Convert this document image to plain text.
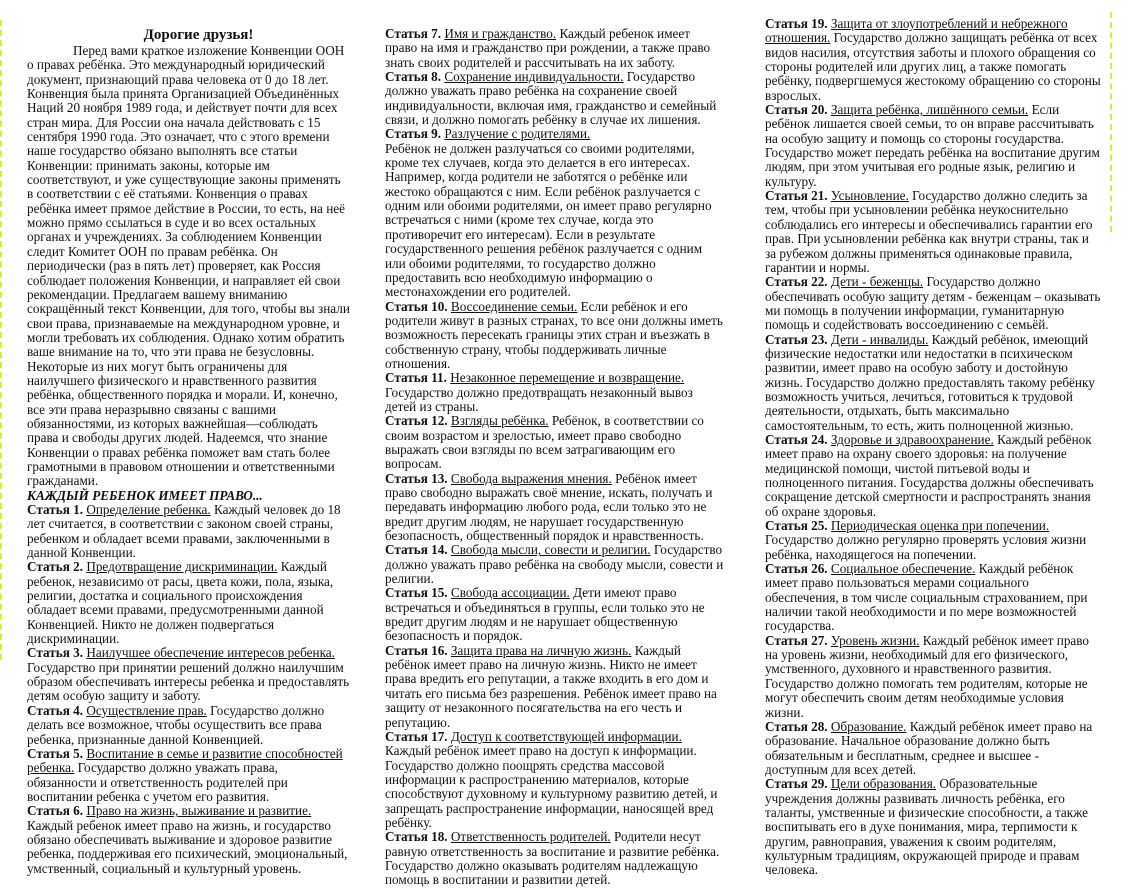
Дорогие друзья!

Перед вами краткое изложение Конвенции ООН о правах ребёнка. Это международный юридический документ, признающий права человека от 0 до 18 лет. Конвенция была принята Организацией Объединённых Наций 20 ноября 1989 года, и действует почти для всех стран мира. Для России она начала действовать с 15 сентября 1990 года. Это означает, что с этого времени наше государство обязано выполнять все статьи Конвенции: принимать законы, которые им соответствуют, и уже существующие законы применять в соответствии с её статьями. Конвенция о правах ребёнка имеет прямое действие в России, то есть, на неё можно прямо ссылаться в суде и во всех остальных органах и учреждениях. За соблюдением Конвенции следит Комитет ООН по правам ребёнка. Он периодически (раз в пять лет) проверяет, как Россия соблюдает положения Конвенции, и направляет ей свои рекомендации. Предлагаем вашему вниманию сокращённый текст Конвенции, для того, чтобы вы знали свои права, признаваемые на международном уровне, и могли требовать их соблюдения. Однако хотим обратить ваше внимание на то, что эти права не безусловны. Некоторые из них могут быть ограничены для наилучшего физического и нравственного развития ребёнка, общественного порядка и морали. И, конечно, все эти права неразрывно связаны с вашими обязанностями, из которых важнейшая—соблюдать права и свободы других людей. Надеемся, что знание Конвенции о правах ребёнка поможет вам стать более грамотными в правовом отношении и ответственными гражданами.

КАЖДЫЙ РЕБЕНОК ИМЕЕТ ПРАВО...

Статья 1. Определение ребенка. Каждый человек до 18 лет считается, в соответствии с законом своей страны, ребенком и обладает всеми правами, заключенными в данной Конвенции.

Статья 2. Предотвращение дискриминации. Каждый ребенок, независимо от расы, цвета кожи, пола, языка, религии, достатка и социального происхождения обладает всеми правами, предусмотренными данной Конвенцией. Никто не должен подвергаться дискриминации.

Статья 3. Наилучшее обеспечение интересов ребенка. Государство при принятии решений должно наилучшим образом обеспечивать интересы ребенка и предоставлять детям особую защиту и заботу.

Статья 4. Осуществление прав. Государство должно делать все возможное, чтобы осуществить все права ребенка, признанные данной Конвенцией.

Статья 5. Воспитание в семье и развитие способностей ребенка. Государство должно уважать права, обязанности и ответственность родителей при воспитании ребенка с учетом его развития.

Статья 6. Право на жизнь, выживание и развитие. Каждый ребенок имеет право на жизнь, и государство обязано обеспечивать выживание и здоровое развитие ребенка, поддерживая его психический, эмоциональный, умственный, социальный и культурный уровень.

Статья 7. Имя и гражданство. Каждый ребенок имеет право на имя и гражданство при рождении, а также право знать своих родителей и рассчитывать на их заботу.

Статья 8. Сохранение индивидуальности. Государство должно уважать право ребёнка на сохранение своей индивидуальности, включая имя, гражданство и семейный связи, и должно помогать ребёнку в случае их лишения.

Статья 9. Разлучение с родителями.
Ребёнок не должен разлучаться со своими родителями, кроме тех случаев, когда это делается в его интересах. Например, когда родители не заботятся о ребёнке или жестоко обращаются с ним. Если ребёнок разлучается с одним или обоими родителями, он имеет право регулярно встречаться с ними (кроме тех случае, когда это противоречит его интересам). Если в результате государственного решения ребёнок разлучается с одним или обоими родителями, то государство должно предоставить всю необходимую информацию о местонахождении его родителей.

Статья 10. Воссоединение семьи. Если ребёнок и его родители живут в разных странах, то все они должны иметь возможность пересекать границы этих стран и въезжать в собственную страну, чтобы поддерживать личные отношения.

Статья 11. Незаконное перемещение и возвращение. Государство должно предотвращать незаконный вывоз детей из страны.

Статья 12. Взгляды ребёнка. Ребёнок, в соответствии со своим возрастом и зрелостью, имеет право свободно выражать свои взгляды по всем затрагивающим его вопросам.

Статья 13. Свобода выражения мнения. Ребёнок имеет право свободно выражать своё мнение, искать, получать и передавать информацию любого рода, если только это не вредит другим людям, не нарушает государственную безопасность, общественный порядок и нравственность.

Статья 14. Свобода мысли, совести и религии. Государство должно уважать право ребёнка на свободу мысли, совести и религии.

Статья 15. Свобода ассоциации. Дети имеют право встречаться и объединяться в группы, если только это не вредит другим людям и не нарушает общественную безопасность и порядок.

Статья 16. Защита права на личную жизнь. Каждый ребёнок имеет право на личную жизнь. Никто не имеет права вредить его репутации, а также входить в его дом и читать его письма без разрешения. Ребёнок имеет право на защиту от незаконного посягательства на его честь и репутацию.

Статья 17. Доступ к соответствующей информации. Каждый ребёнок имеет право на доступ к информации. Государство должно поощрять средства массовой информации к распространению материалов, которые способствуют духовному и культурному развитию детей, и запрещать распространение информации, наносящей вред ребёнку.

Статья 18. Ответственность родителей. Родители несут равную ответственность за воспитание и развитие ребёнка. Государство должно оказывать родителям надлежащую помощь в воспитании и развитии детей.

Статья 19. Защита от злоупотреблений и небрежного отношения. Государство должно защищать ребёнка от всех видов насилия, отсутствия заботы и плохого обращения со стороны родителей или других лиц, а также помогать ребёнку, подвергшемуся жестокому обращению со стороны взрослых.

Статья 20. Защита ребёнка, лишённого семьи. Если ребёнок лишается своей семьи, то он вправе рассчитывать на особую защиту и помощь со стороны государства. Государство может передать ребёнка на воспитание другим людям, при этом учитывая его родные язык, религию и культуру.

Статья 21. Усыновление. Государство должно следить за тем, чтобы при усыновлении ребёнка неукоснительно соблюдались его интересы и обеспечивались гарантии его прав. При усыновлении ребёнка как внутри страны, так и за рубежом должны применяться одинаковые правила, гарантии и нормы.

Статья 22. Дети - беженцы. Государство должно обеспечивать особую защиту детям - беженцам – оказывать ми помощь в получении информации, гуманитарную помощь и содействовать воссоединению с семьёй.

Статья 23. Дети - инвалиды. Каждый ребёнок, имеющий физические недостатки или недостатки в психическом развитии, имеет право на особую заботу и достойную жизнь. Государство должно предоставлять такому ребёнку возможность учиться, лечиться, готовиться к трудовой деятельности, отдыхать, быть максимально самостоятельным, то есть, жить полноценной жизнью.

Статья 24. Здоровье и здравоохранение. Каждый ребёнок имеет право на охрану своего здоровья: на получение медицинской помощи, чистой питьевой воды и полноценного питания. Государства должны обеспечивать сокращение детской смертности и распространять знания об охране здоровья.

Статья 25. Периодическая оценка при попечении. Государство должно регулярно проверять условия жизни ребёнка, находящегося на попечении.

Статья 26. Социальное обеспечение. Каждый ребёнок имеет право пользоваться мерами социального обеспечения, в том числе социальным страхованием, при наличии такой необходимости и по мере возможностей государства.

Статья 27. Уровень жизни. Каждый ребёнок имеет право на уровень жизни, необходимый для его физического, умственного, духовного и нравственного развития. Государство должно помогать тем родителям, которые не могут обеспечить своим детям необходимые условия жизни.

Статья 28. Образование. Каждый ребёнок имеет право на образование. Начальное образование должно быть обязательным и бесплатным, среднее и высшее - доступным для всех детей.

Статья 29. Цели образования. Образовательные учреждения должны развивать личность ребёнка, его таланты, умственные и физические способности, а также воспитывать его в духе понимания, мира, терпимости к другим, равноправия, уважения к своим родителям, культурным традициям, окружающей природе и правам человека.
